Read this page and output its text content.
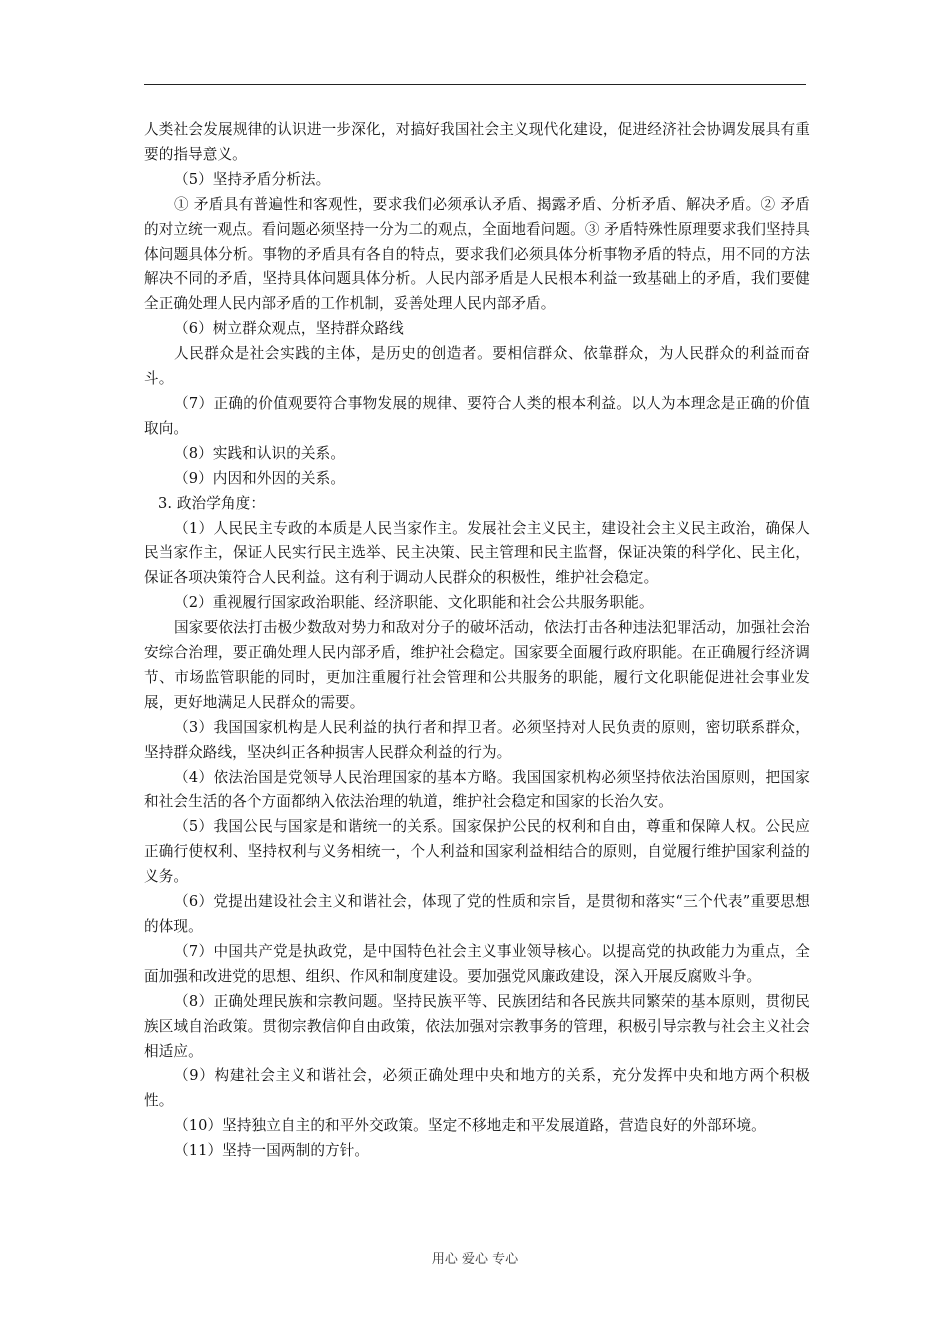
人类社会发展规律的认识进一步深化，对搞好我国社会主义现代化建设，促进经济社会协调发展具有重要的指导意义。

（5）坚持矛盾分析法。

① 矛盾具有普遍性和客观性，要求我们必须承认矛盾、揭露矛盾、分析矛盾、解决矛盾。② 矛盾的对立统一观点。看问题必须坚持一分为二的观点，全面地看问题。③ 矛盾特殊性原理要求我们坚持具体问题具体分析。事物的矛盾具有各自的特点，要求我们必须具体分析事物矛盾的特点，用不同的方法解决不同的矛盾，坚持具体问题具体分析。人民内部矛盾是人民根本利益一致基础上的矛盾，我们要健全正确处理人民内部矛盾的工作机制，妥善处理人民内部矛盾。

（6）树立群众观点，坚持群众路线

人民群众是社会实践的主体，是历史的创造者。要相信群众、依靠群众，为人民群众的利益而奋斗。

（7）正确的价值观要符合事物发展的规律、要符合人类的根本利益。以人为本理念是正确的价值取向。

（8）实践和认识的关系。

（9）内因和外因的关系。

3. 政治学角度：

（1）人民民主专政的本质是人民当家作主。发展社会主义民主，建设社会主义民主政治，确保人民当家作主，保证人民实行民主选举、民主决策、民主管理和民主监督，保证决策的科学化、民主化，保证各项决策符合人民利益。这有利于调动人民群众的积极性，维护社会稳定。

（2）重视履行国家政治职能、经济职能、文化职能和社会公共服务职能。

国家要依法打击极少数敌对势力和敌对分子的破坏活动，依法打击各种违法犯罪活动，加强社会治安综合治理，要正确处理人民内部矛盾，维护社会稳定。国家要全面履行政府职能。在正确履行经济调节、市场监管职能的同时，更加注重履行社会管理和公共服务的职能，履行文化职能促进社会事业发展，更好地满足人民群众的需要。

（3）我国国家机构是人民利益的执行者和捍卫者。必须坚持对人民负责的原则，密切联系群众，坚持群众路线，坚决纠正各种损害人民群众利益的行为。

（4）依法治国是党领导人民治理国家的基本方略。我国国家机构必须坚持依法治国原则，把国家和社会生活的各个方面都纳入依法治理的轨道，维护社会稳定和国家的长治久安。

（5）我国公民与国家是和谐统一的关系。国家保护公民的权利和自由，尊重和保障人权。公民应正确行使权利、坚持权利与义务相统一，个人利益和国家利益相结合的原则，自觉履行维护国家利益的义务。

（6）党提出建设社会主义和谐社会，体现了党的性质和宗旨，是贯彻和落实“三个代表”重要思想的体现。

（7）中国共产党是执政党，是中国特色社会主义事业领导核心。以提高党的执政能力为重点，全面加强和改进党的思想、组织、作风和制度建设。要加强党风廉政建设，深入开展反腐败斗争。

（8）正确处理民族和宗教问题。坚持民族平等、民族团结和各民族共同繁荣的基本原则，贯彻民族区域自治政策。贯彻宗教信仰自由政策，依法加强对宗教事务的管理，积极引导宗教与社会主义社会相适应。

（9）构建社会主义和谐社会，必须正确处理中央和地方的关系，充分发挥中央和地方两个积极性。

（10）坚持独立自主的和平外交政策。坚定不移地走和平发展道路，营造良好的外部环境。

（11）坚持一国两制的方针。

用心 爱心 专心
